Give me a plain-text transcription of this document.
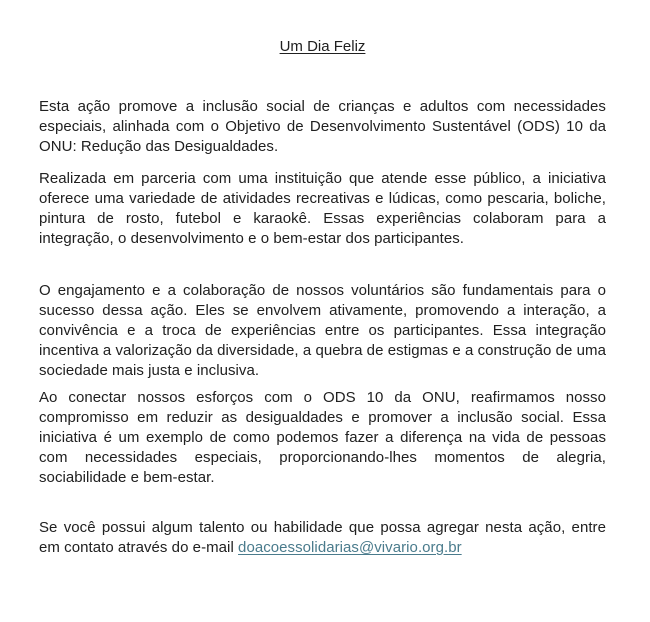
Um Dia Feliz

Esta ação promove a inclusão social de crianças e adultos com necessidades especiais, alinhada com o Objetivo de Desenvolvimento Sustentável (ODS) 10 da ONU: Redução das Desigualdades.

Realizada em parceria com uma instituição que atende esse público, a iniciativa oferece uma variedade de atividades recreativas e lúdicas, como pescaria, boliche, pintura de rosto, futebol e karaokê. Essas experiências colaboram para a integração, o desenvolvimento e o bem-estar dos participantes.

O engajamento e a colaboração de nossos voluntários são fundamentais para o sucesso dessa ação. Eles se envolvem ativamente, promovendo a interação, a convivência e a troca de experiências entre os participantes. Essa integração incentiva a valorização da diversidade, a quebra de estigmas e a construção de uma sociedade mais justa e inclusiva.

Ao conectar nossos esforços com o ODS 10 da ONU, reafirmamos nosso compromisso em reduzir as desigualdades e promover a inclusão social. Essa iniciativa é um exemplo de como podemos fazer a diferença na vida de pessoas com necessidades especiais, proporcionando-lhes momentos de alegria, sociabilidade e bem-estar.

Se você possui algum talento ou habilidade que possa agregar nesta ação, entre em contato através do e-mail doacoessolidarias@vivario.org.br
